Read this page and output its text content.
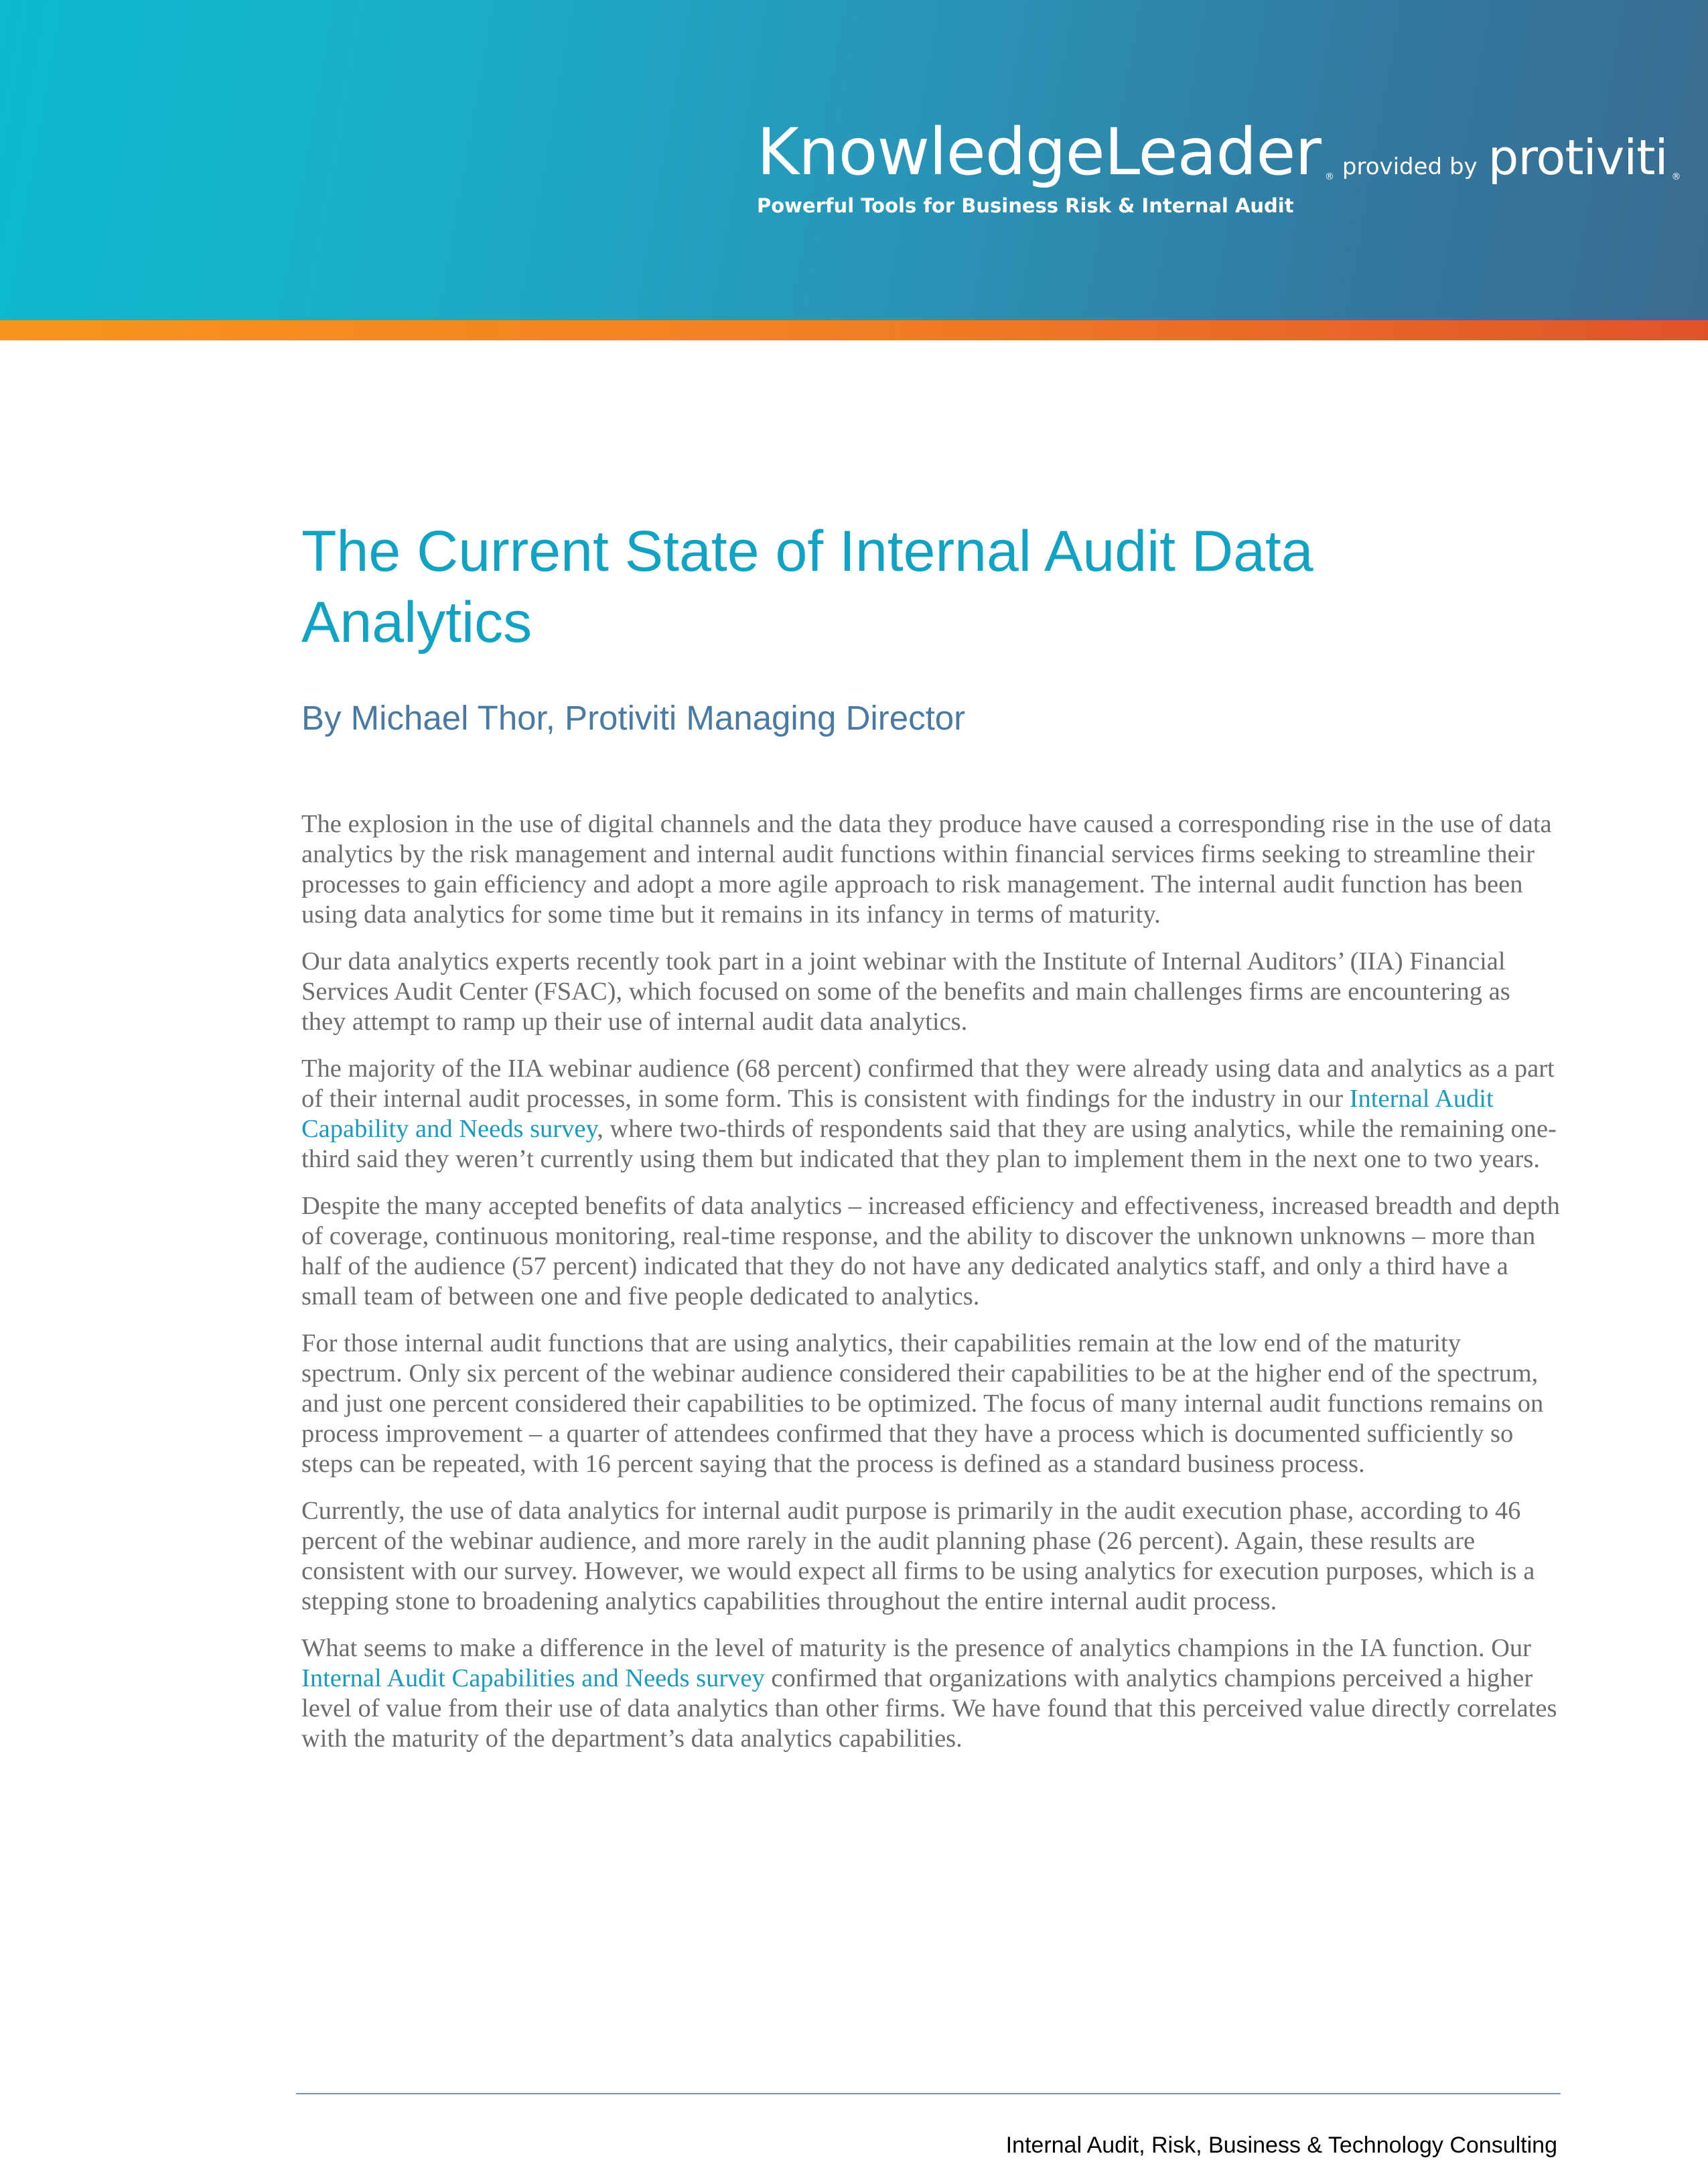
KnowledgeLeader ® provided by protiviti ®
Powerful Tools for Business Risk & Internal Audit
The Current State of Internal Audit Data Analytics
By Michael Thor, Protiviti Managing Director

The explosion in the use of digital channels and the data they produce have caused a corresponding rise in the use of data analytics by the risk management and internal audit functions within financial services firms seeking to streamline their processes to gain efficiency and adopt a more agile approach to risk management. The internal audit function has been using data analytics for some time but it remains in its infancy in terms of maturity.

Our data analytics experts recently took part in a joint webinar with the Institute of Internal Auditors’ (IIA) Financial Services Audit Center (FSAC), which focused on some of the benefits and main challenges firms are encountering as they attempt to ramp up their use of internal audit data analytics.

The majority of the IIA webinar audience (68 percent) confirmed that they were already using data and analytics as a part of their internal audit processes, in some form. This is consistent with findings for the industry in our Internal Audit Capability and Needs survey, where two-thirds of respondents said that they are using analytics, while the remaining one-third said they weren’t currently using them but indicated that they plan to implement them in the next one to two years.

Despite the many accepted benefits of data analytics – increased efficiency and effectiveness, increased breadth and depth of coverage, continuous monitoring, real-time response, and the ability to discover the unknown unknowns – more than half of the audience (57 percent) indicated that they do not have any dedicated analytics staff, and only a third have a small team of between one and five people dedicated to analytics.

For those internal audit functions that are using analytics, their capabilities remain at the low end of the maturity spectrum. Only six percent of the webinar audience considered their capabilities to be at the higher end of the spectrum, and just one percent considered their capabilities to be optimized. The focus of many internal audit functions remains on process improvement – a quarter of attendees confirmed that they have a process which is documented sufficiently so steps can be repeated, with 16 percent saying that the process is defined as a standard business process.

Currently, the use of data analytics for internal audit purpose is primarily in the audit execution phase, according to 46 percent of the webinar audience, and more rarely in the audit planning phase (26 percent). Again, these results are consistent with our survey. However, we would expect all firms to be using analytics for execution purposes, which is a stepping stone to broadening analytics capabilities throughout the entire internal audit process.

What seems to make a difference in the level of maturity is the presence of analytics champions in the IA function. Our Internal Audit Capabilities and Needs survey confirmed that organizations with analytics champions perceived a higher level of value from their use of data analytics than other firms. We have found that this perceived value directly correlates with the maturity of the department’s data analytics capabilities.

Internal Audit, Risk, Business & Technology Consulting
